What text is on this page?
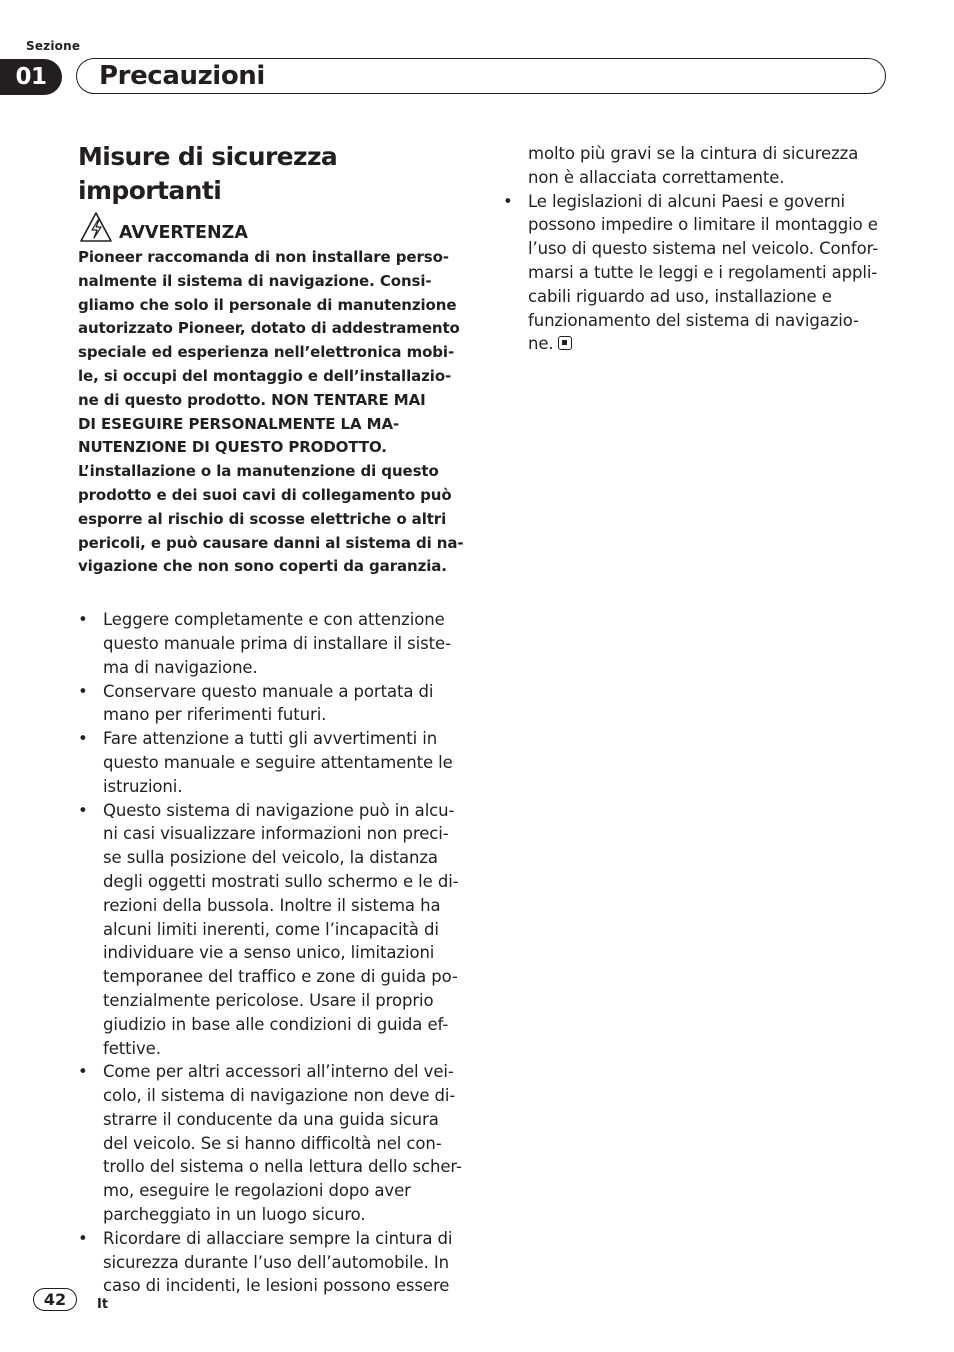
Sezione
01	Precauzioni
Misure di sicurezza importanti
AVVERTENZA
Pioneer raccomanda di non installare perso-
nalmente il sistema di navigazione. Consi-
gliamo che solo il personale di manutenzione
autorizzato Pioneer, dotato di addestramento
speciale ed esperienza nell’elettronica mobi-
le, si occupi del montaggio e dell’installazio-
ne di questo prodotto. NON TENTARE MAI
DI ESEGUIRE PERSONALMENTE LA MA-
NUTENZIONE DI QUESTO PRODOTTO.
L’installazione o la manutenzione di questo
prodotto e dei suoi cavi di collegamento può
esporre al rischio di scosse elettriche o altri
pericoli, e può causare danni al sistema di na-
vigazione che non sono coperti da garanzia.
• Leggere completamente e con attenzione
questo manuale prima di installare il siste-
ma di navigazione.
• Conservare questo manuale a portata di
mano per riferimenti futuri.
• Fare attenzione a tutti gli avvertimenti in
questo manuale e seguire attentamente le
istruzioni.
• Questo sistema di navigazione può in alcu-
ni casi visualizzare informazioni non preci-
se sulla posizione del veicolo, la distanza
degli oggetti mostrati sullo schermo e le di-
rezioni della bussola. Inoltre il sistema ha
alcuni limiti inerenti, come l’incapacità di
individuare vie a senso unico, limitazioni
temporanee del traffico e zone di guida po-
tenzialmente pericolose. Usare il proprio
giudizio in base alle condizioni di guida ef-
fettive.
• Come per altri accessori all’interno del vei-
colo, il sistema di navigazione non deve di-
strarre il conducente da una guida sicura
del veicolo. Se si hanno difficoltà nel con-
trollo del sistema o nella lettura dello scher-
mo, eseguire le regolazioni dopo aver
parcheggiato in un luogo sicuro.
• Ricordare di allacciare sempre la cintura di
sicurezza durante l’uso dell’automobile. In
caso di incidenti, le lesioni possono essere
molto più gravi se la cintura di sicurezza
non è allacciata correttamente.
• Le legislazioni di alcuni Paesi e governi
possono impedire o limitare il montaggio e
l’uso di questo sistema nel veicolo. Confor-
marsi a tutte le leggi e i regolamenti appli-
cabili riguardo ad uso, installazione e
funzionamento del sistema di navigazio-
ne.
42	It
